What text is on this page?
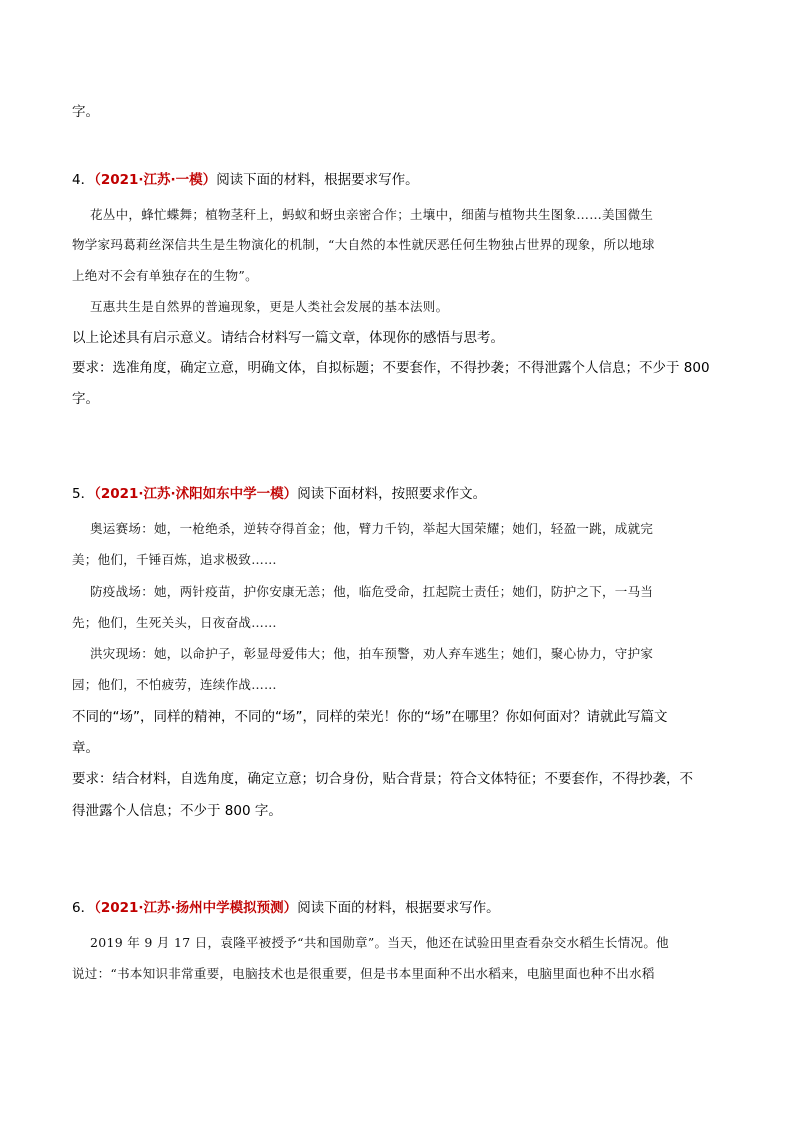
字。
4．（2021·江苏·一模）阅读下面的材料，根据要求写作。
花丛中，蜂忙蝶舞；植物茎秆上，蚂蚁和蚜虫亲密合作；土壤中，细菌与植物共生图象……美国微生
物学家玛葛莉丝深信共生是生物演化的机制，“大自然的本性就厌恶任何生物独占世界的现象，所以地球
上绝对不会有单独存在的生物”。
互惠共生是自然界的普遍现象，更是人类社会发展的基本法则。
以上论述具有启示意义。请结合材料写一篇文章，体现你的感悟与思考。
要求：选准角度，确定立意，明确文体，自拟标题；不要套作，不得抄袭；不得泄露个人信息；不少于 800
字。
5．（2021·江苏·沭阳如东中学一模）阅读下面材料，按照要求作文。
奥运赛场：她，一枪绝杀，逆转夺得首金；他，臂力千钧，举起大国荣耀；她们，轻盈一跳，成就完
美；他们，千锤百炼，追求极致……
防疫战场：她，两针疫苗，护你安康无恙；他，临危受命，扛起院士责任；她们，防护之下，一马当
先；他们，生死关头，日夜奋战……
洪灾现场：她，以命护子，彰显母爱伟大；他，拍车预警，劝人弃车逃生；她们，聚心协力，守护家
园；他们，不怕疲劳，连续作战……
不同的“场”，同样的精神，不同的“场”，同样的荣光！你的“场”在哪里？你如何面对？请就此写篇文
章。
要求：结合材料，自选角度，确定立意；切合身份，贴合背景；符合文体特征；不要套作，不得抄袭，不
得泄露个人信息；不少于 800 字。
6．（2021·江苏·扬州中学模拟预测）阅读下面的材料，根据要求写作。
2019 年 9 月 17 日，袁隆平被授予“共和国勋章”。当天，他还在试验田里查看杂交水稻生长情况。他
说过：“书本知识非常重要，电脑技术也是很重要，但是书本里面种不出水稻来，电脑里面也种不出水稻
